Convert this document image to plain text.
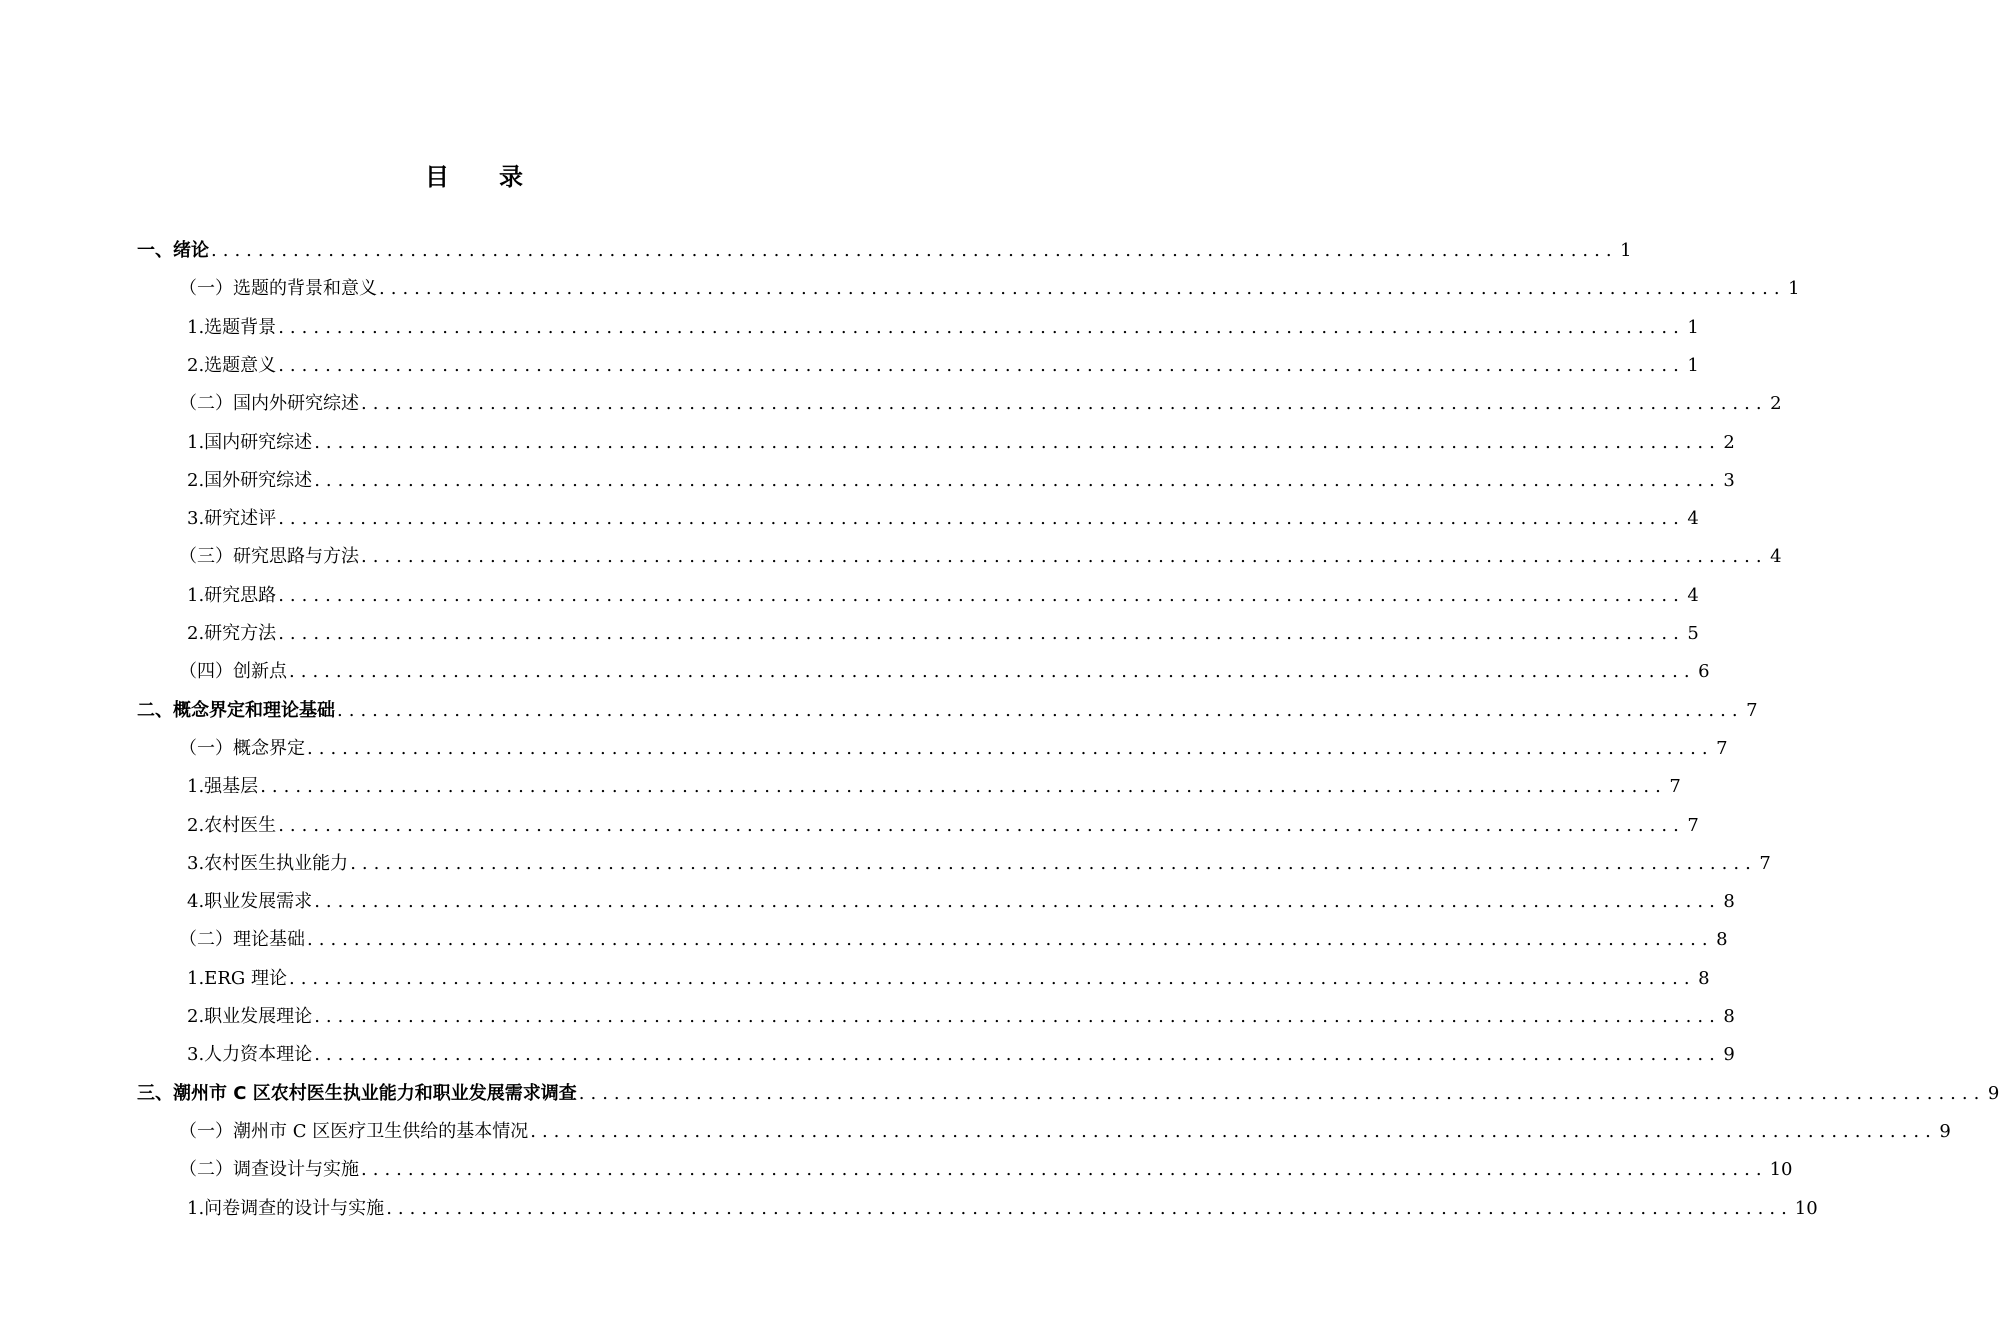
目 录
一、 绪论 ........................................................................................................................ 1
（一） 选题的背景和意义 ........................................................................................................................ 1
1.选题背景 ........................................................................................................................ 1
2.选题意义 ........................................................................................................................ 1
（二） 国内外研究综述 ........................................................................................................................ 2
1.国内研究综述 ........................................................................................................................ 2
2.国外研究综述 ........................................................................................................................ 3
3.研究述评 ........................................................................................................................ 4
（三） 研究思路与方法 ........................................................................................................................ 4
1.研究思路 ........................................................................................................................ 4
2.研究方法 ........................................................................................................................ 5
（四） 创新点 ........................................................................................................................ 6
二、 概念界定和理论基础 ........................................................................................................................ 7
（一） 概念界定 ........................................................................................................................ 7
1.强基层 ........................................................................................................................ 7
2.农村医生 ........................................................................................................................ 7
3.农村医生执业能力 ........................................................................................................................ 7
4.职业发展需求 ........................................................................................................................ 8
（二） 理论基础 ........................................................................................................................ 8
1.ERG 理论 ........................................................................................................................ 8
2.职业发展理论 ........................................................................................................................ 8
3.人力资本理论 ........................................................................................................................ 9
三、 潮州市 C 区农村医生执业能力和职业发展需求调查 ........................................................................................................................ 9
（一） 潮州市 C 区医疗卫生供给的基本情况 ........................................................................................................................ 9
（二） 调查设计与实施 ........................................................................................................................ 10
1.问卷调查的设计与实施 ........................................................................................................................ 10
